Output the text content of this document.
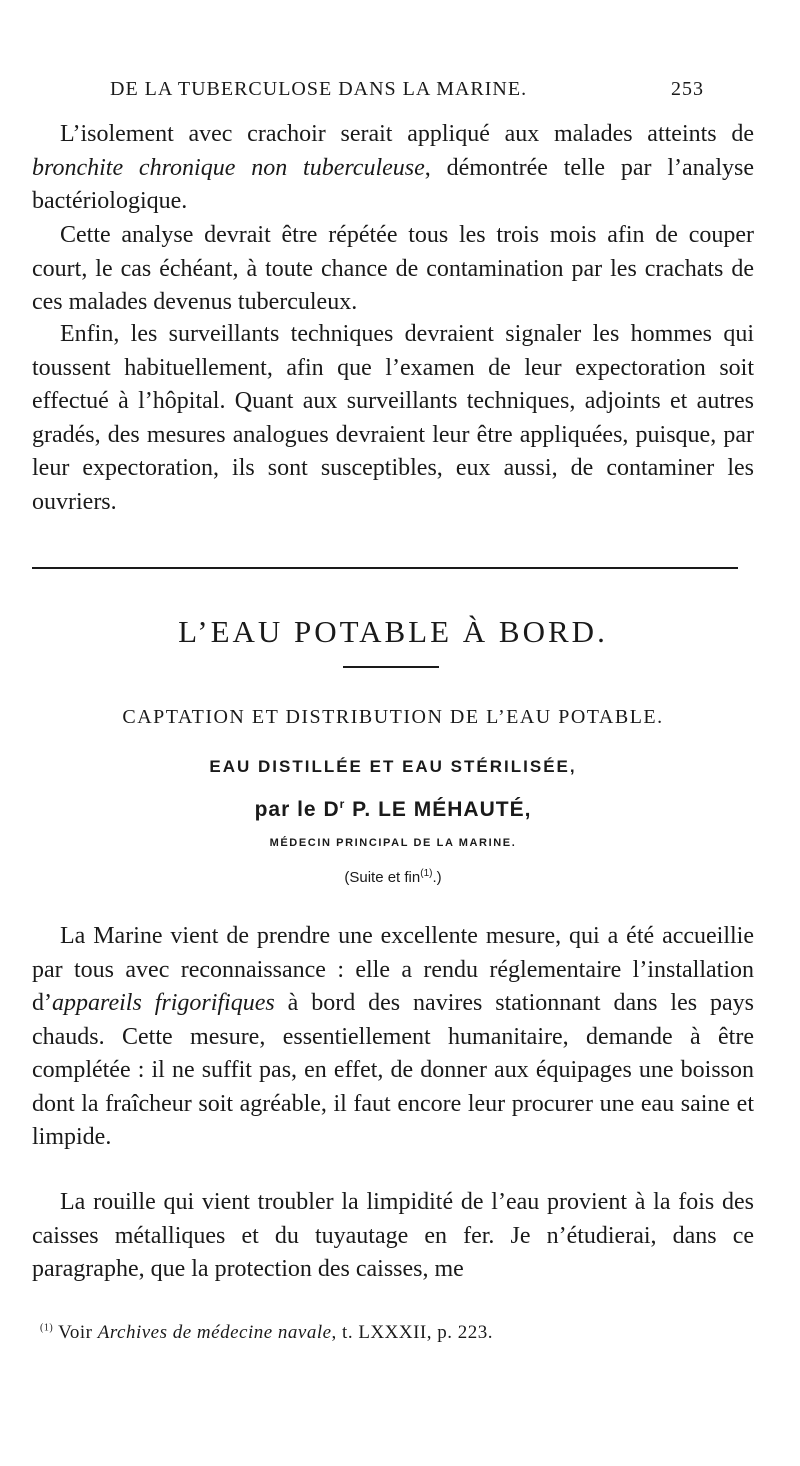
DE LA TUBERCULOSE DANS LA MARINE.	253

L’isolement avec crachoir serait appliqué aux malades atteints de bronchite chronique non tuberculeuse, démontrée telle par l’analyse bactériologique.

Cette analyse devrait être répétée tous les trois mois afin de couper court, le cas échéant, à toute chance de contamination par les crachats de ces malades devenus tuberculeux.

Enfin, les surveillants techniques devraient signaler les hommes qui toussent habituellement, afin que l’examen de leur expectoration soit effectué à l’hôpital. Quant aux surveillants techniques, adjoints et autres gradés, des mesures analogues devraient leur être appliquées, puisque, par leur expectoration, ils sont susceptibles, eux aussi, de contaminer les ouvriers.

L’EAU POTABLE À BORD.
CAPTATION ET DISTRIBUTION DE L’EAU POTABLE.
EAU DISTILLÉE ET EAU STÉRILISÉE,
par le $D^r$ P. LE MÉHAUTÉ,
MÉDECIN PRINCIPAL DE LA MARINE.
(Suite et fin$^{(1)}$.)

La Marine vient de prendre une excellente mesure, qui a été accueillie par tous avec reconnaissance : elle a rendu réglementaire l’installation d’appareils frigorifiques à bord des navires stationnant dans les pays chauds. Cette mesure, essentiellement humanitaire, demande à être complétée : il ne suffit pas, en effet, de donner aux équipages une boisson dont la fraîcheur soit agréable, il faut encore leur procurer une eau saine et limpide.

La rouille qui vient troubler la limpidité de l’eau provient à la fois des caisses métalliques et du tuyautage en fer. Je n’étudierai, dans ce paragraphe, que la protection des caisses, me

$^{(1)}$ Voir Archives de médecine navale, t. LXXXII, p. 223.
